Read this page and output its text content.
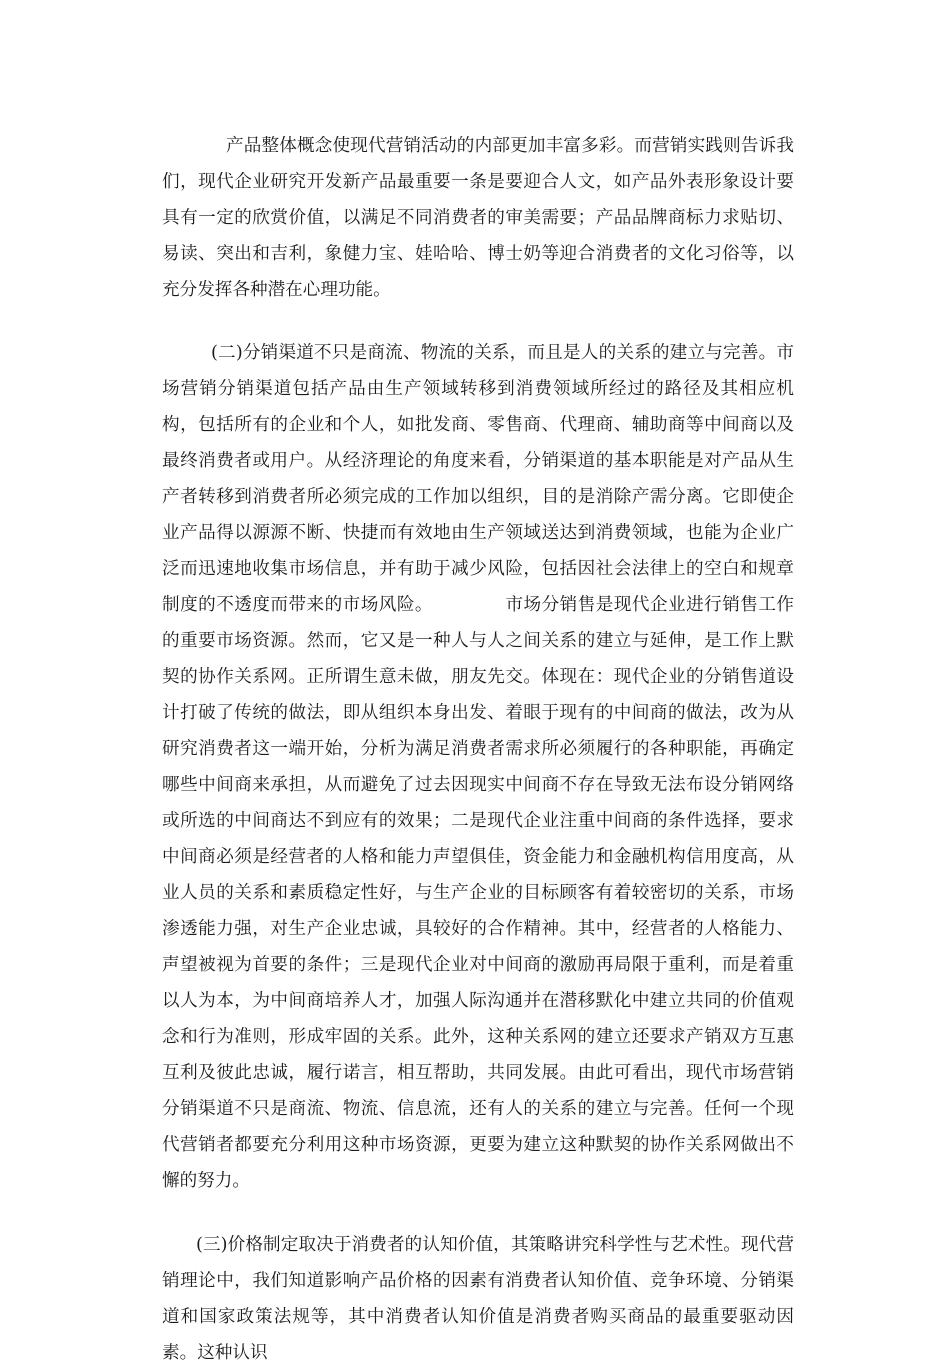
产品整体概念使现代营销活动的内部更加丰富多彩。而营销实践则告诉我们，现代企业研究开发新产品最重要一条是要迎合人文，如产品外表形象设计要具有一定的欣赏价值，以满足不同消费者的审美需要；产品品牌商标力求贴切、易读、突出和吉利，象健力宝、娃哈哈、博士奶等迎合消费者的文化习俗等，以充分发挥各种潜在心理功能。

(二)分销渠道不只是商流、物流的关系，而且是人的关系的建立与完善。市场营销分销渠道包括产品由生产领域转移到消费领域所经过的路径及其相应机构，包括所有的企业和个人，如批发商、零售商、代理商、辅助商等中间商以及最终消费者或用户。从经济理论的角度来看，分销渠道的基本职能是对产品从生产者转移到消费者所必须完成的工作加以组织，目的是消除产需分离。它即使企业产品得以源源不断、快捷而有效地由生产领域送达到消费领域，也能为企业广泛而迅速地收集市场信息，并有助于减少风险，包括因社会法律上的空白和规章制度的不透度而带来的市场风险。	市场分销售是现代企业进行销售工作的重要市场资源。然而，它又是一种人与人之间关系的建立与延伸，是工作上默契的协作关系网。正所谓生意未做，朋友先交。体现在：现代企业的分销售道设计打破了传统的做法，即从组织本身出发、着眼于现有的中间商的做法，改为从研究消费者这一端开始，分析为满足消费者需求所必须履行的各种职能，再确定哪些中间商来承担，从而避免了过去因现实中间商不存在导致无法布设分销网络或所选的中间商达不到应有的效果；二是现代企业注重中间商的条件选择，要求中间商必须是经营者的人格和能力声望俱佳，资金能力和金融机构信用度高，从业人员的关系和素质稳定性好，与生产企业的目标顾客有着较密切的关系，市场渗透能力强，对生产企业忠诚，具较好的合作精神。其中，经营者的人格能力、声望被视为首要的条件；三是现代企业对中间商的激励再局限于重利，而是着重以人为本，为中间商培养人才，加强人际沟通并在潜移默化中建立共同的价值观念和行为准则，形成牢固的关系。此外，这种关系网的建立还要求产销双方互惠互利及彼此忠诚，履行诺言，相互帮助，共同发展。由此可看出，现代市场营销分销渠道不只是商流、物流、信息流，还有人的关系的建立与完善。任何一个现代营销者都要充分利用这种市场资源，更要为建立这种默契的协作关系网做出不懈的努力。

(三)价格制定取决于消费者的认知价值，其策略讲究科学性与艺术性。现代营销理论中，我们知道影响产品价格的因素有消费者认知价值、竞争环境、分销渠道和国家政策法规等，其中消费者认知价值是消费者购买商品的最重要驱动因素。这种认识
